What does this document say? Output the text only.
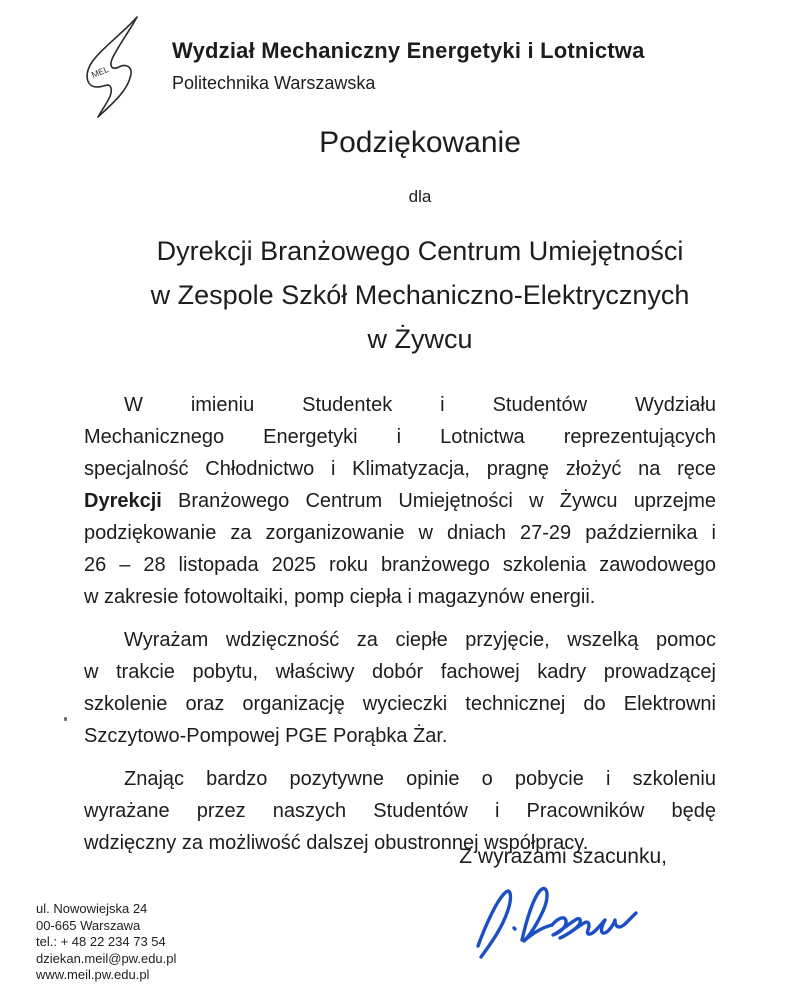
MEL
Wydział Mechaniczny Energetyki i Lotnictwa
Politechnika Warszawska
Podziękowanie
dla
Dyrekcji Branżowego Centrum Umiejętności
w Zespole Szkół Mechaniczno-Elektrycznych
w Żywcu
W imieniu Studentek i Studentów Wydziału
Mechanicznego Energetyki i Lotnictwa reprezentujących
specjalność Chłodnictwo i Klimatyzacja, pragnę złożyć na ręce
Dyrekcji Branżowego Centrum Umiejętności w Żywcu uprzejme
podziękowanie za zorganizowanie w dniach 27-29 października i
26 – 28 listopada 2025 roku branżowego szkolenia zawodowego
w zakresie fotowoltaiki, pomp ciepła i magazynów energii.
Wyrażam wdzięczność za ciepłe przyjęcie, wszelką pomoc
w trakcie pobytu, właściwy dobór fachowej kadry prowadzącej
szkolenie oraz organizację wycieczki technicznej do Elektrowni
Szczytowo-Pompowej PGE Porąbka Żar.
Znając bardzo pozytywne opinie o pobycie i szkoleniu
wyrażane przez naszych Studentów i Pracowników będę
wdzięczny za możliwość dalszej obustronnej współpracy.
Z wyrazami szacunku,
ul. Nowowiejska 24
00-665 Warszawa
tel.: + 48 22 234 73 54
dziekan.meil@pw.edu.pl
www.meil.pw.edu.pl
